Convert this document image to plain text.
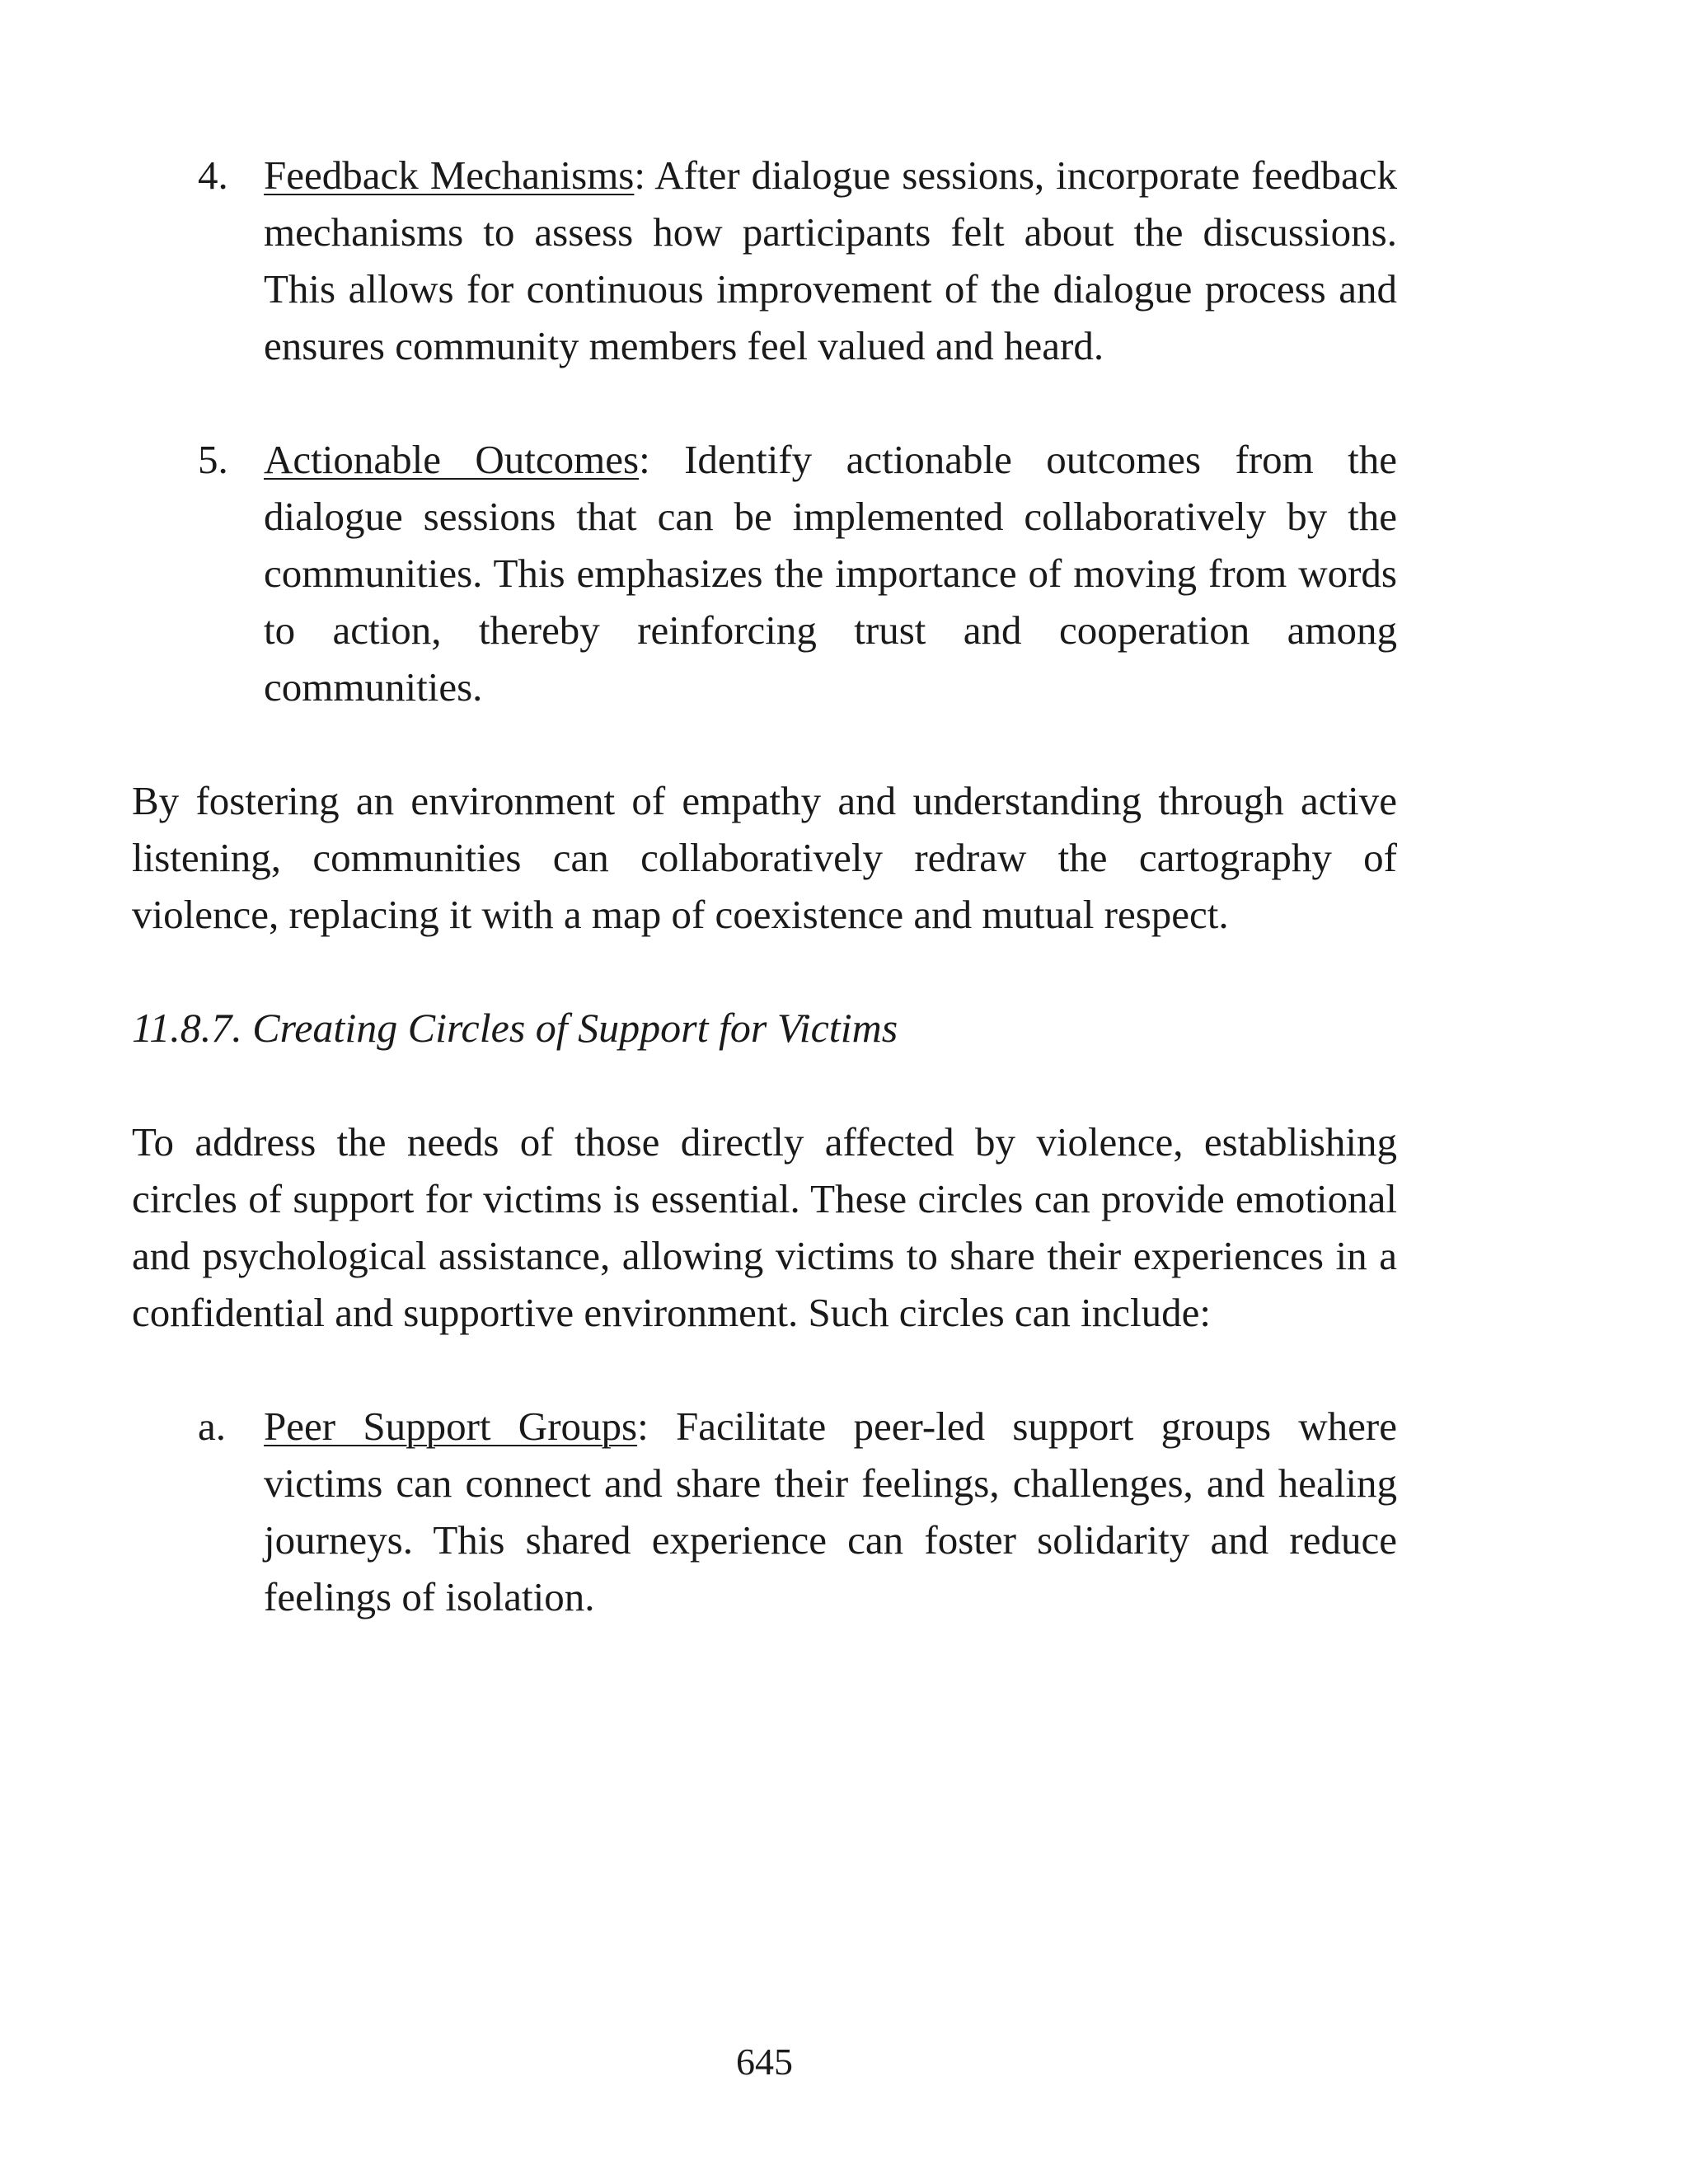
4. Feedback Mechanisms: After dialogue sessions, incorporate feedback mechanisms to assess how participants felt about the discussions. This allows for continuous improvement of the dialogue process and ensures community members feel valued and heard.
5. Actionable Outcomes: Identify actionable outcomes from the dialogue sessions that can be implemented collaboratively by the communities. This emphasizes the importance of moving from words to action, thereby reinforcing trust and cooperation among communities.

By fostering an environment of empathy and understanding through active listening, communities can collaboratively redraw the cartography of violence, replacing it with a map of coexistence and mutual respect.

11.8.7. Creating Circles of Support for Victims

To address the needs of those directly affected by violence, establishing circles of support for victims is essential. These circles can provide emotional and psychological assistance, allowing victims to share their experiences in a confidential and supportive environment. Such circles can include:

a. Peer Support Groups: Facilitate peer-led support groups where victims can connect and share their feelings, challenges, and healing journeys. This shared experience can foster solidarity and reduce feelings of isolation.
645
